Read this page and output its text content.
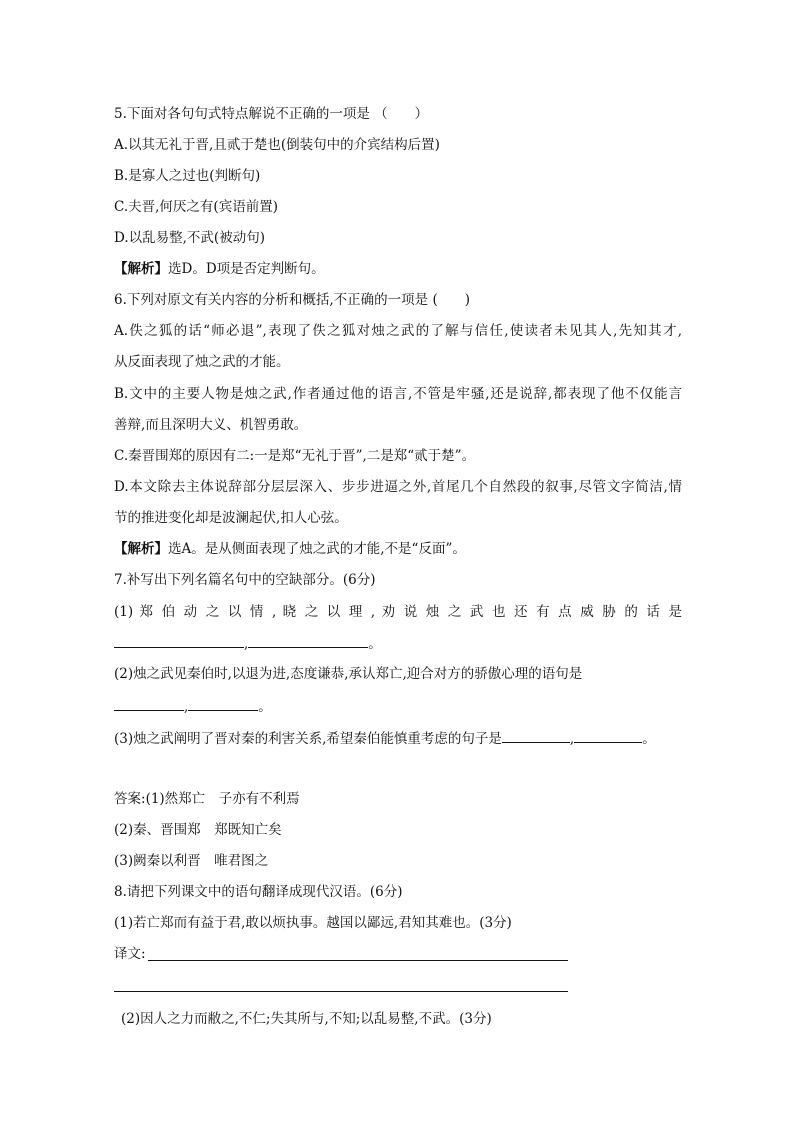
5.下面对各句句式特点解说不正确的一项是 （　　）
A.以其无礼于晋,且贰于楚也(倒装句中的介宾结构后置)
B.是寡人之过也(判断句)
C.夫晋,何厌之有(宾语前置)
D.以乱易整,不武(被动句)
【解析】选D。D项是否定判断句。
6.下列对原文有关内容的分析和概括,不正确的一项是 (　　)
A.佚之狐的话“师必退”,表现了佚之狐对烛之武的了解与信任,使读者未见其人,先知其才,
从反面表现了烛之武的才能。
B.文中的主要人物是烛之武,作者通过他的语言,不管是牢骚,还是说辞,都表现了他不仅能言
善辩,而且深明大义、机智勇敢。
C.秦晋围郑的原因有二:一是郑“无礼于晋”,二是郑“贰于楚”。
D.本文除去主体说辞部分层层深入、步步进逼之外,首尾几个自然段的叙事,尽管文字简洁,情
节的推进变化却是波澜起伏,扣人心弦。
【解析】选A。是从侧面表现了烛之武的才能,不是“反面”。
7.补写出下列名篇名句中的空缺部分。(6分)
(1) 郑 伯 动 之 以 情 , 晓 之 以 理 , 劝 说 烛 之 武 也 还 有 点 威 胁 的 话 是
,	。
(2)烛之武见秦伯时,以退为进,态度谦恭,承认郑亡,迎合对方的骄傲心理的语句是
,	。
(3)烛之武阐明了晋对秦的利害关系,希望秦伯能慎重考虑的句子是	,	。
答案:(1)然郑亡　子亦有不利焉
(2)秦、晋围郑　郑既知亡矣
(3)阙秦以利晋　唯君图之
8.请把下列课文中的语句翻译成现代汉语。(6分)
(1)若亡郑而有益于君,敢以烦执事。越国以鄙远,君知其难也。(3分)
译文:
(2)因人之力而敝之,不仁;失其所与,不知;以乱易整,不武。(3分)
